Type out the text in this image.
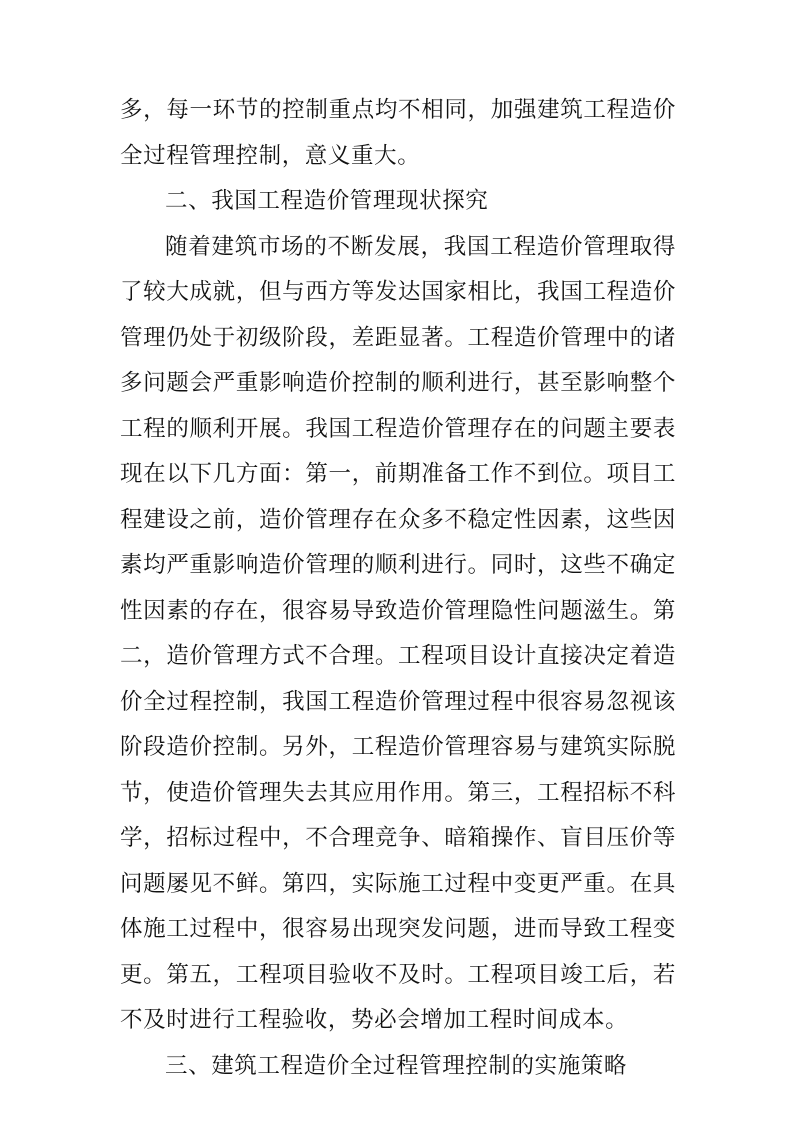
多，每一环节的控制重点均不相同，加强建筑工程造价全过程管理控制，意义重大。

二、我国工程造价管理现状探究

随着建筑市场的不断发展，我国工程造价管理取得了较大成就，但与西方等发达国家相比，我国工程造价管理仍处于初级阶段，差距显著。工程造价管理中的诸多问题会严重影响造价控制的顺利进行，甚至影响整个工程的顺利开展。我国工程造价管理存在的问题主要表现在以下几方面：第一，前期准备工作不到位。项目工程建设之前，造价管理存在众多不稳定性因素，这些因素均严重影响造价管理的顺利进行。同时，这些不确定性因素的存在，很容易导致造价管理隐性问题滋生。第二，造价管理方式不合理。工程项目设计直接决定着造价全过程控制，我国工程造价管理过程中很容易忽视该阶段造价控制。另外，工程造价管理容易与建筑实际脱节，使造价管理失去其应用作用。第三，工程招标不科学，招标过程中，不合理竞争、暗箱操作、盲目压价等问题屡见不鲜。第四，实际施工过程中变更严重。在具体施工过程中，很容易出现突发问题，进而导致工程变更。第五，工程项目验收不及时。工程项目竣工后，若不及时进行工程验收，势必会增加工程时间成本。

三、建筑工程造价全过程管理控制的实施策略
